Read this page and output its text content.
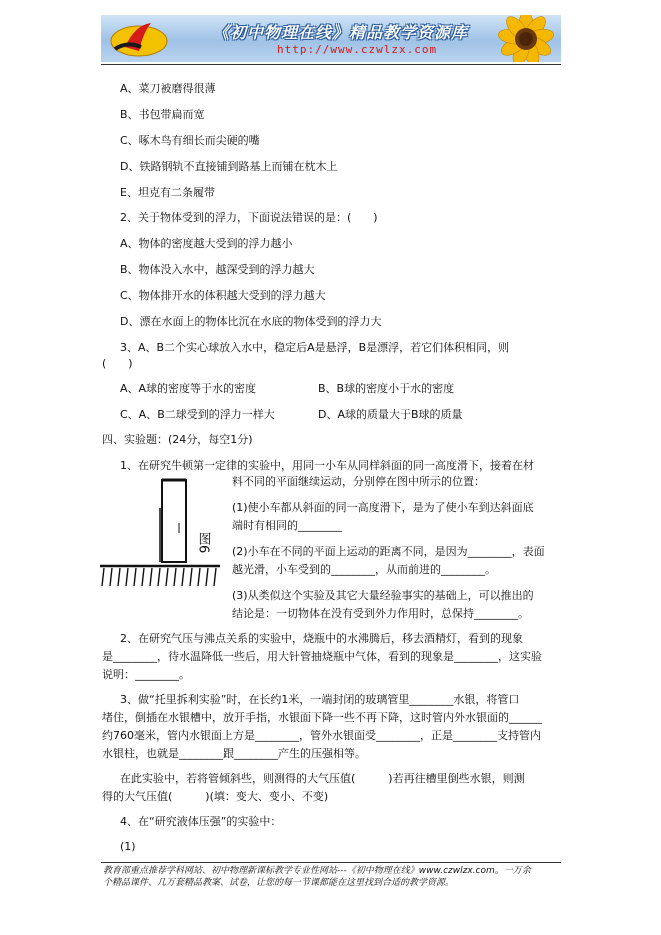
《初中物理在线》精品教学资源库
http://www.czwlzx.com
A、菜刀被磨得很薄
B、书包带扁而宽
C、啄木鸟有细长而尖硬的嘴
D、铁路钢轨不直接铺到路基上而铺在枕木上
E、坦克有二条履带
2、关于物体受到的浮力，下面说法错误的是：(　　)
A、物体的密度越大受到的浮力越小
B、物体没入水中，越深受到的浮力越大
C、物体排开水的体积越大受到的浮力越大
D、漂在水面上的物体比沉在水底的物体受到的浮力大
3、A、B二个实心球放入水中，稳定后A是悬浮，B是漂浮，若它们体积相同，则
(　　)
A、A球的密度等于水的密度	B、B球的密度小于水的密度
C、A、B二球受到的浮力一样大	D、A球的质量大于B球的质量
四、实验题：(24分，每空1分)
1、在研究牛顿第一定律的实验中，用同一小车从同样斜面的同一高度滑下，接着在材
料不同的平面继续运动，分别停在图中所示的位置：
(1)使小车都从斜面的同一高度滑下，是为了使小车到达斜面底
端时有相同的________
(2)小车在不同的平面上运动的距离不同，是因为________，表面
越光滑，小车受到的________，从而前进的________。
(3)从类似这个实验及其它大量经验事实的基础上，可以推出的
结论是：一切物体在没有受到外力作用时，总保持________。
2、在研究气压与沸点关系的实验中，烧瓶中的水沸腾后，移去酒精灯，看到的现象
是________，待水温降低一些后，用大针管抽烧瓶中气体，看到的现象是________，这实验
说明：________。
3、做“托里拆利实验”时，在长约1米，一端封闭的玻璃管里________水银，将管口
堵住，倒插在水银槽中，放开手指，水银面下降一些不再下降，这时管内外水银面的______
约760毫米，管内水银面上方是________，管外水银面受________，正是________支持管内
水银柱，也就是________跟________产生的压强相等。
在此实验中，若将管倾斜些，则测得的大气压值(　　　)若再往槽里倒些水银，则测
得的大气压值(　　　)(填：变大、变小、不变)
4、在“研究液体压强”的实验中：
(1)
图6
教育部重点推荐学科网站、初中物理新课标教学专业性网站---《初中物理在线》www.czwlzx.com。一万余
个精品课件、几万套精品教案、试卷，让您的每一节课都能在这里找到合适的教学资源。
